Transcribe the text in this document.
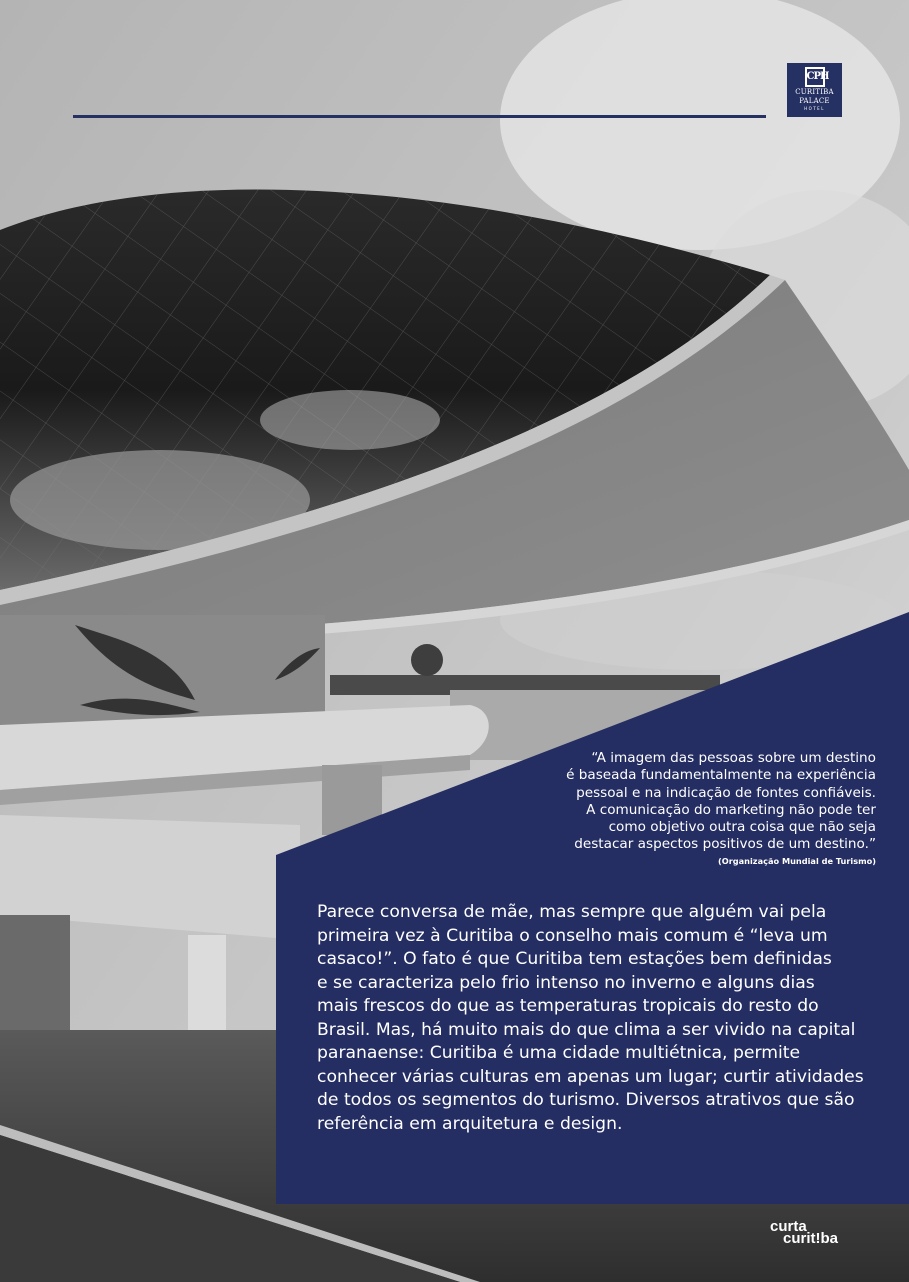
CPH
CURITIBA
PALACE
HOTEL
“A imagem das pessoas sobre um destino
é baseada fundamentalmente na experiência
pessoal e na indicação de fontes confiáveis.
A comunicação do marketing não pode ter
como objetivo outra coisa que não seja
destacar aspectos positivos de um destino.”
(Organização Mundial de Turismo)
Parece conversa de mãe, mas sempre que alguém vai pela
primeira vez à Curitiba o conselho mais comum é “leva um
casaco!”. O fato é que Curitiba tem estações bem definidas
e se caracteriza pelo frio intenso no inverno e alguns dias
mais frescos do que as temperaturas tropicais do resto do
Brasil. Mas, há muito mais do que clima a ser vivido na capital
paranaense: Curitiba é uma cidade multiétnica, permite
conhecer várias culturas em apenas um lugar; curtir atividades
de todos os segmentos do turismo. Diversos atrativos que são
referência em arquitetura e design.
curta
curit!ba
